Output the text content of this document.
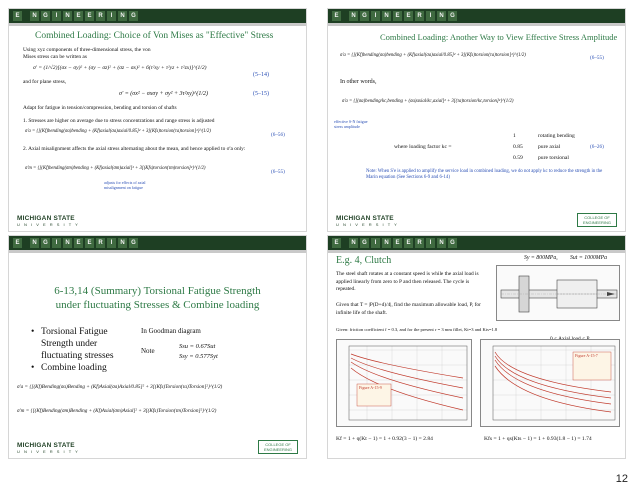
E	N	G	I	N	E	E	R	I	N	G
Combined Loading: Choice of Von Mises as "Effective" Stress
Using xyz components of three-dimensional stress, the von Mises stress can be written as
σ' = (1/√2)[(σx − σy)² + (σy − σz)² + (σz − σx)² + 6(τ²xy + τ²yz + τ²zx)]^(1/2)
(5–14)
and for plane stress,
σ' = (σx² − σxσy + σy² + 3τ²xy)^(1/2)	(5–15)
Adapt for fatigue in tension/compression, bending and torsion of shafts
1. Stresses are higher on average due to stress concentrations and range stress is adjusted
σ'a = {[(Kf)bending(σa)bending + (Kf)axial(σa)axial/0.85]² + 3[(Kfs)torsion(τa)torsion]²}^(1/2)
(6–56)
2. Axial misalignment affects the axial stress alternating about the mean, and hence applied to σ'a only:
σ'm = {[(Kf)bending(σm)bending + (Kf)axial(σm)axial]² + 3[(Kfs)torsion(τm)torsion]²}^(1/2)
(6–55)
adjusts for effects of axial misalignment on fatigue
MICHIGAN STATE
U N I V E R S I T Y
E	N	G	I	N	E	E	R	I	N	G
Combined Loading: Another Way to View Effective Stress Amplitude
σ'a = {[(Kf)bending(σa)bending + (Kf)axial(σa)axial/0.85]² + 3[(Kfs)torsion(τa)torsion]²}^(1/2)	(6–55)
In other words,
σ'a = {[(σa)bending/kc,bending + (σa)axial/kc,axial]² + 3[(τa)torsion/kc,torsion]²}^(1/2)
effective S-N fatigue stress amplitude
where loading factor kc =
1	rotating bending
0.85	pure axial
0.59	pure torsional
(6–26)
Note: When S'e is applied to amplify the service load in combined loading, we do not apply kc to reduce the strength in the Marin equation (See Sections 6-9 and 6-14)
MICHIGAN STATE
U N I V E R S I T Y
COLLEGE OF
ENGINEERING
E	N	G	I	N	E	E	R	I	N	G
6-13,14 (Summary) Torsional Fatigue Strength
under fluctuating Stresses & Combine loading
• Torsional Fatigue
Strength under
fluctuating stresses
• Combine loading
In Goodman diagram
Note
Ssu = 0.67Sut
Ssy = 0.577Syt
σ'a = {[(Kf)Bending(σa)Bending + (Kf)Axial(σa)Axial/0.85]² + 3[(Kfs)Torsion(τa)Torsion]²}^(1/2)
σ'm = {[(Kf)Bending(σm)Bending + (Kf)Axial(σm)Axial]² + 3[(Kfs)Torsion(τm)Torsion]²}^(1/2)
MICHIGAN STATE
U N I V E R S I T Y
COLLEGE OF
ENGINEERING
E	N	G	I	N	E	E	R	I	N	G
E.g. 4, Clutch	Sy = 800MPa, Sut = 1000MPa
The steel shaft rotates at a constant speed is while the axial load is applied linearly from zero to P and then released. The cycle is repeated.
Given that T = |P(D+d)/4|, find the maximum allowable load, P, for infinite life of the shaft.
Given: friction coefficient f = 0.3, and for the present r = 3 mm fillet, Kt=3 and Kts=1.8
Figure A-15-9
Figure A-15-7
Kf = 1 + q(Kt − 1) = 1 + 0.92(3 − 1) = 2.84	Kfs = 1 + qs(Kts − 1) = 1 + 0.93(1.8 − 1) = 1.74
12
